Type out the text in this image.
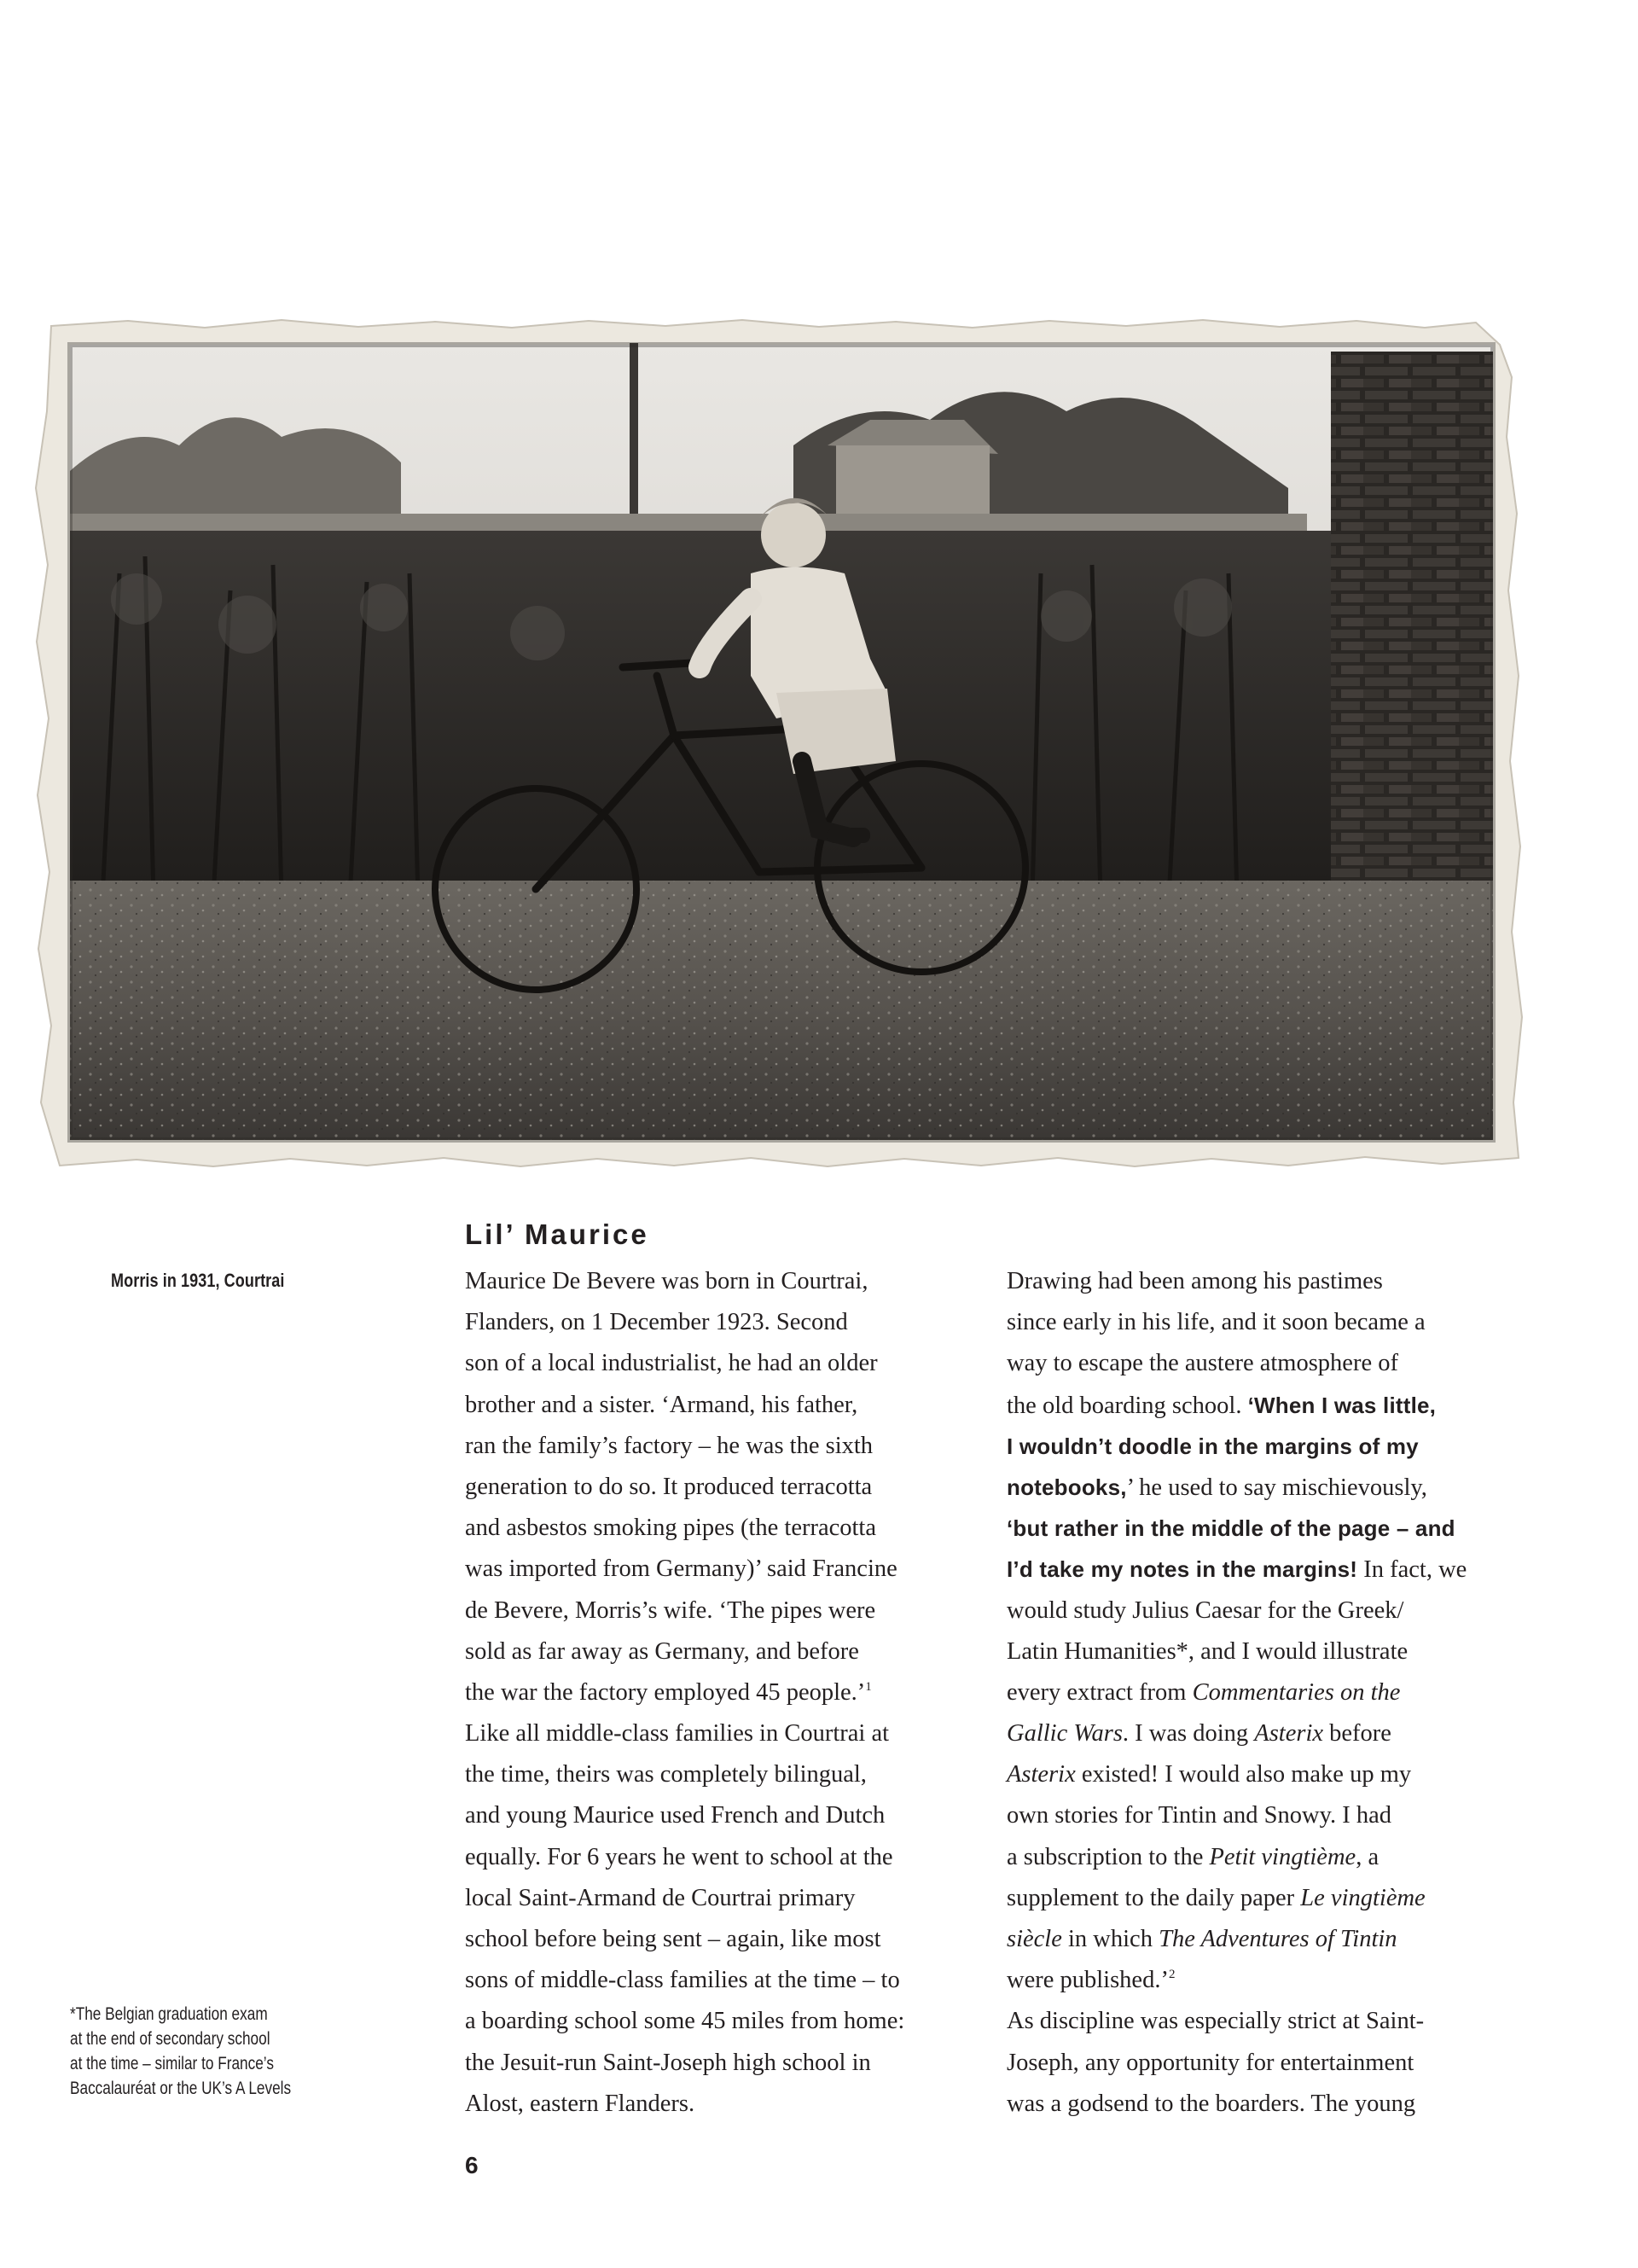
Morris in 1931, Courtrai
*The Belgian graduation exam
at the end of secondary school
at the time – similar to France’s
Baccalauréat or the UK’s A Levels
Lil’ Maurice
Maurice De Bevere was born in Courtrai,
Flanders, on 1 December 1923. Second
son of a local industrialist, he had an older
brother and a sister. ‘Armand, his father,
ran the family’s factory – he was the sixth
generation to do so. It produced terracotta
and asbestos smoking pipes (the terracotta
was imported from Germany)’ said Francine
de Bevere, Morris’s wife. ‘The pipes were
sold as far away as Germany, and before
the war the factory employed 45 people.’$^1$
Like all middle-class families in Courtrai at
the time, theirs was completely bilingual,
and young Maurice used French and Dutch
equally. For 6 years he went to school at the
local Saint-Armand de Courtrai primary
school before being sent – again, like most
sons of middle-class families at the time – to
a boarding school some 45 miles from home:
the Jesuit-run Saint-Joseph high school in
Alost, eastern Flanders.
Drawing had been among his pastimes
since early in his life, and it soon became a
way to escape the austere atmosphere of
the old boarding school. ‘When I was little,
I wouldn’t doodle in the margins of my
notebooks,’ he used to say mischievously,
‘but rather in the middle of the page – and
I’d take my notes in the margins! In fact, we
would study Julius Caesar for the Greek/
Latin Humanities*, and I would illustrate
every extract from Commentaries on the
Gallic Wars. I was doing Asterix before
Asterix existed! I would also make up my
own stories for Tintin and Snowy. I had
a subscription to the Petit vingtième, a
supplement to the daily paper Le vingtième
siècle in which The Adventures of Tintin
were published.’$^2$
As discipline was especially strict at Saint-
Joseph, any opportunity for entertainment
was a godsend to the boarders. The young
6
